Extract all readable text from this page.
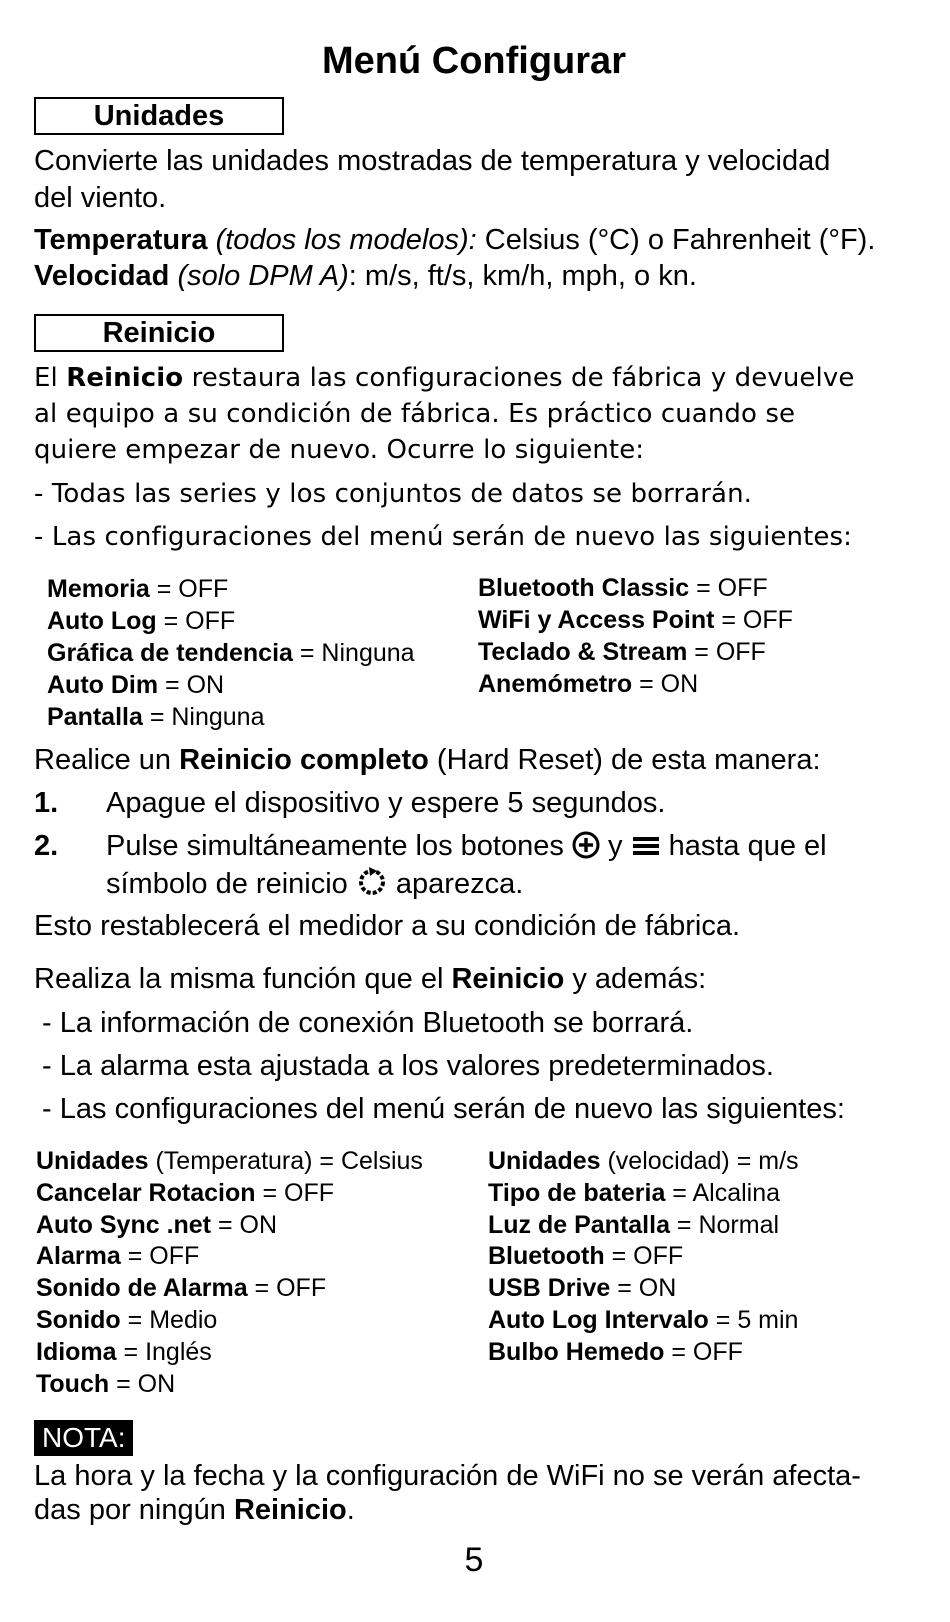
Menú Configurar
Unidades
Convierte las unidades mostradas de temperatura y velocidad
del viento.
Temperatura (todos los modelos): Celsius (°C) o Fahrenheit (°F).
Velocidad (solo DPM A): m/s, ft/s, km/h, mph, o kn.
Reinicio
El Reinicio restaura las configuraciones de fábrica y devuelve
al equipo a su condición de fábrica. Es práctico cuando se
quiere empezar de nuevo. Ocurre lo siguiente:
- Todas las series y los conjuntos de datos se borrarán.
- Las configuraciones del menú serán de nuevo las siguientes:
Memoria = OFF
Auto Log = OFF
Gráfica de tendencia = Ninguna
Auto Dim = ON
Pantalla = Ninguna
Bluetooth Classic = OFF
WiFi y Access Point = OFF
Teclado & Stream = OFF
Anemómetro = ON
Realice un Reinicio completo (Hard Reset) de esta manera:
1. Apague el dispositivo y espere 5 segundos.
2. Pulse simultáneamente los botones  y  hasta que el
símbolo de reinicio  aparezca.
Esto restablecerá el medidor a su condición de fábrica.
Realiza la misma función que el Reinicio y además:
- La información de conexión Bluetooth se borrará.
- La alarma esta ajustada a los valores predeterminados.
- Las configuraciones del menú serán de nuevo las siguientes:
Unidades (Temperatura) = Celsius
Cancelar Rotacion = OFF
Auto Sync .net = ON
Alarma = OFF
Sonido de Alarma = OFF
Sonido = Medio
Idioma = Inglés
Touch = ON
Unidades (velocidad) = m/s
Tipo de bateria = Alcalina
Luz de Pantalla = Normal
Bluetooth = OFF
USB Drive = ON
Auto Log Intervalo = 5 min
Bulbo Hemedo = OFF
NOTA:
La hora y la fecha y la configuración de WiFi no se verán afecta-
das por ningún Reinicio.
5
